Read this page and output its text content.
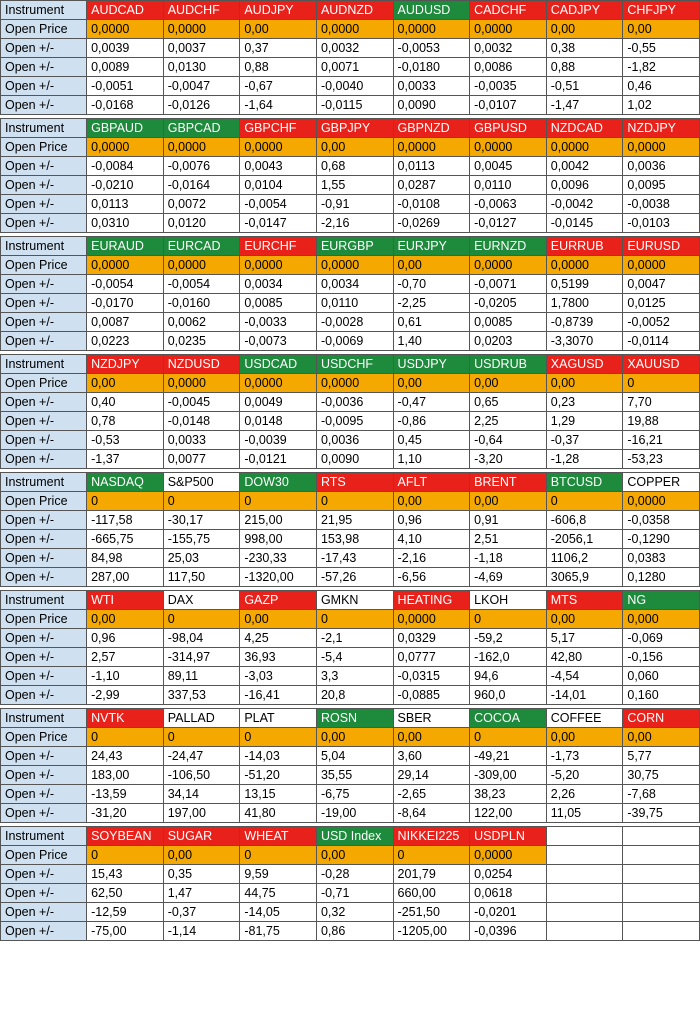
Instrument	AUDCAD	AUDCHF	AUDJPY	AUDNZD	AUDUSD	CADCHF	CADJPY	CHFJPY
Open Price	0,0000	0,0000	0,00	0,0000	0,0000	0,0000	0,00	0,00
Open +/-	0,0039	0,0037	0,37	0,0032	-0,0053	0,0032	0,38	-0,55
Open +/-	0,0089	0,0130	0,88	0,0071	-0,0180	0,0086	0,88	-1,82
Open +/-	-0,0051	-0,0047	-0,67	-0,0040	0,0033	-0,0035	-0,51	0,46
Open +/-	-0,0168	-0,0126	-1,64	-0,0115	0,0090	-0,0107	-1,47	1,02
Instrument	GBPAUD	GBPCAD	GBPCHF	GBPJPY	GBPNZD	GBPUSD	NZDCAD	NZDJPY
Open Price	0,0000	0,0000	0,0000	0,00	0,0000	0,0000	0,0000	0,0000
Open +/-	-0,0084	-0,0076	0,0043	0,68	0,0113	0,0045	0,0042	0,0036
Open +/-	-0,0210	-0,0164	0,0104	1,55	0,0287	0,0110	0,0096	0,0095
Open +/-	0,0113	0,0072	-0,0054	-0,91	-0,0108	-0,0063	-0,0042	-0,0038
Open +/-	0,0310	0,0120	-0,0147	-2,16	-0,0269	-0,0127	-0,0145	-0,0103
Instrument	EURAUD	EURCAD	EURCHF	EURGBP	EURJPY	EURNZD	EURRUB	EURUSD
Open Price	0,0000	0,0000	0,0000	0,0000	0,00	0,0000	0,0000	0,0000
Open +/-	-0,0054	-0,0054	0,0034	0,0034	-0,70	-0,0071	0,5199	0,0047
Open +/-	-0,0170	-0,0160	0,0085	0,0110	-2,25	-0,0205	1,7800	0,0125
Open +/-	0,0087	0,0062	-0,0033	-0,0028	0,61	0,0085	-0,8739	-0,0052
Open +/-	0,0223	0,0235	-0,0073	-0,0069	1,40	0,0203	-3,3070	-0,0114
Instrument	NZDJPY	NZDUSD	USDCAD	USDCHF	USDJPY	USDRUB	XAGUSD	XAUUSD
Open Price	0,00	0,0000	0,0000	0,0000	0,00	0,00	0,00	0
Open +/-	0,40	-0,0045	0,0049	-0,0036	-0,47	0,65	0,23	7,70
Open +/-	0,78	-0,0148	0,0148	-0,0095	-0,86	2,25	1,29	19,88
Open +/-	-0,53	0,0033	-0,0039	0,0036	0,45	-0,64	-0,37	-16,21
Open +/-	-1,37	0,0077	-0,0121	0,0090	1,10	-3,20	-1,28	-53,23
Instrument	NASDAQ	S&P500	DOW30	RTS	AFLT	BRENT	BTCUSD	COPPER
Open Price	0	0	0	0	0,00	0,00	0	0,0000
Open +/-	-117,58	-30,17	215,00	21,95	0,96	0,91	-606,8	-0,0358
Open +/-	-665,75	-155,75	998,00	153,98	4,10	2,51	-2056,1	-0,1290
Open +/-	84,98	25,03	-230,33	-17,43	-2,16	-1,18	1106,2	0,0383
Open +/-	287,00	117,50	-1320,00	-57,26	-6,56	-4,69	3065,9	0,1280
Instrument	WTI	DAX	GAZP	GMKN	HEATING	LKOH	MTS	NG
Open Price	0,00	0	0,00	0	0,0000	0	0,00	0,000
Open +/-	0,96	-98,04	4,25	-2,1	0,0329	-59,2	5,17	-0,069
Open +/-	2,57	-314,97	36,93	-5,4	0,0777	-162,0	42,80	-0,156
Open +/-	-1,10	89,11	-3,03	3,3	-0,0315	94,6	-4,54	0,060
Open +/-	-2,99	337,53	-16,41	20,8	-0,0885	960,0	-14,01	0,160
Instrument	NVTK	PALLAD	PLAT	ROSN	SBER	COCOA	COFFEE	CORN
Open Price	0	0	0	0,00	0,00	0	0,00	0,00
Open +/-	24,43	-24,47	-14,03	5,04	3,60	-49,21	-1,73	5,77
Open +/-	183,00	-106,50	-51,20	35,55	29,14	-309,00	-5,20	30,75
Open +/-	-13,59	34,14	13,15	-6,75	-2,65	38,23	2,26	-7,68
Open +/-	-31,20	197,00	41,80	-19,00	-8,64	122,00	11,05	-39,75
Instrument	SOYBEAN	SUGAR	WHEAT	USD Index	NIKKEI225	USDPLN		
Open Price	0	0,00	0	0,00	0	0,0000		
Open +/-	15,43	0,35	9,59	-0,28	201,79	0,0254		
Open +/-	62,50	1,47	44,75	-0,71	660,00	0,0618		
Open +/-	-12,59	-0,37	-14,05	0,32	-251,50	-0,0201		
Open +/-	-75,00	-1,14	-81,75	0,86	-1205,00	-0,0396		
